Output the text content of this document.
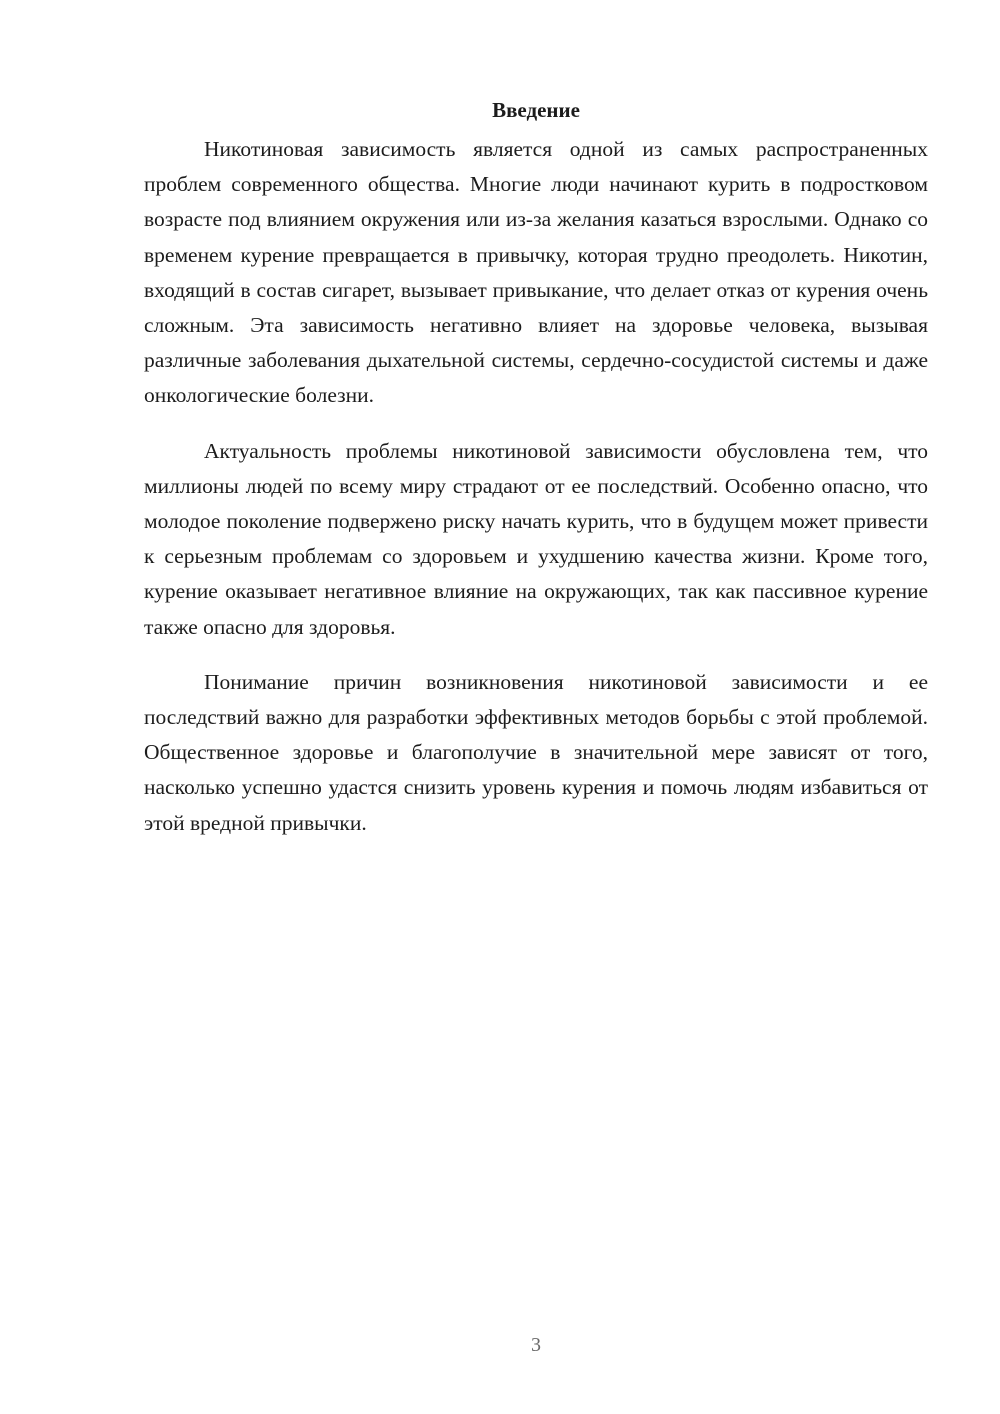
Введение

Никотиновая зависимость является одной из самых распространенных проблем современного общества. Многие люди начинают курить в подростковом возрасте под влиянием окружения или из-за желания казаться взрослыми. Однако со временем курение превращается в привычку, которая трудно преодолеть. Никотин, входящий в состав сигарет, вызывает привыкание, что делает отказ от курения очень сложным. Эта зависимость негативно влияет на здоровье человека, вызывая различные заболевания дыхательной системы, сердечно-сосудистой системы и даже онкологические болезни.

Актуальность проблемы никотиновой зависимости обусловлена тем, что миллионы людей по всему миру страдают от ее последствий. Особенно опасно, что молодое поколение подвержено риску начать курить, что в будущем может привести к серьезным проблемам со здоровьем и ухудшению качества жизни. Кроме того, курение оказывает негативное влияние на окружающих, так как пассивное курение также опасно для здоровья.

Понимание причин возникновения никотиновой зависимости и ее последствий важно для разработки эффективных методов борьбы с этой проблемой. Общественное здоровье и благополучие в значительной мере зависят от того, насколько успешно удастся снизить уровень курения и помочь людям избавиться от этой вредной привычки.

3
